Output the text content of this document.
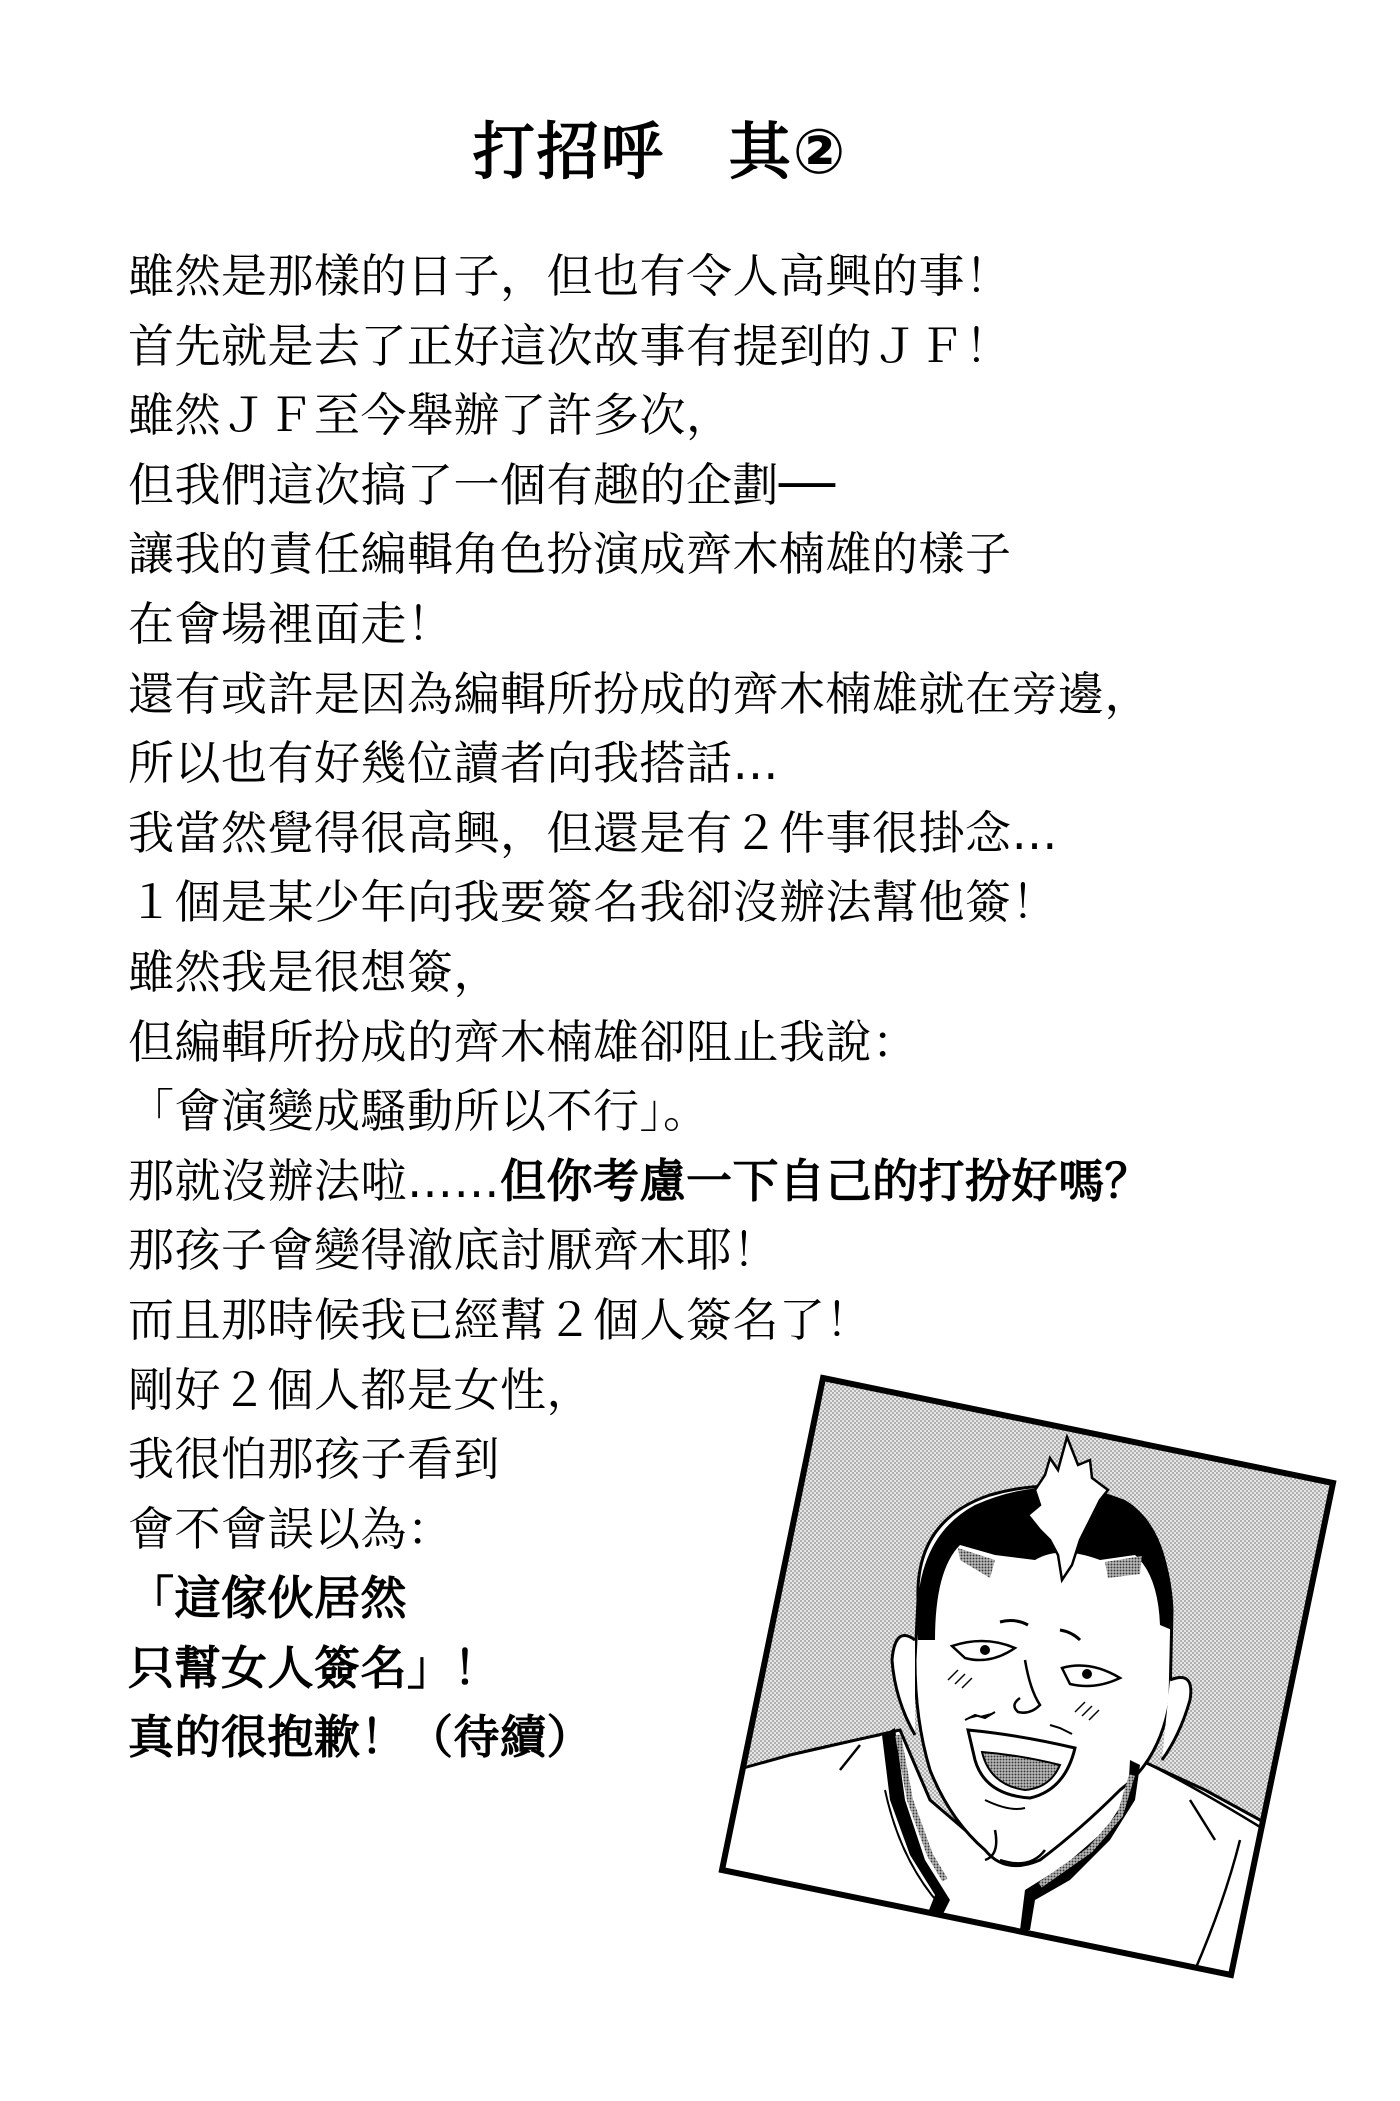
打招呼　其②
雖然是那樣的日子，但也有令人高興的事！
首先就是去了正好這次故事有提到的ＪＦ！
雖然ＪＦ至今舉辦了許多次，
但我們這次搞了一個有趣的企劃──
讓我的責任編輯角色扮演成齊木楠雄的樣子
在會場裡面走！
還有或許是因為編輯所扮成的齊木楠雄就在旁邊，
所以也有好幾位讀者向我搭話…
我當然覺得很高興，但還是有２件事很掛念…
１個是某少年向我要簽名我卻沒辦法幫他簽！
雖然我是很想簽，
但編輯所扮成的齊木楠雄卻阻止我說：
「會演變成騷動所以不行」。
那就沒辦法啦……但你考慮一下自己的打扮好嗎？
那孩子會變得澈底討厭齊木耶！
而且那時候我已經幫２個人簽名了！
剛好２個人都是女性，
我很怕那孩子看到
會不會誤以為：
「這傢伙居然
只幫女人簽名」！
真的很抱歉！（待續）
